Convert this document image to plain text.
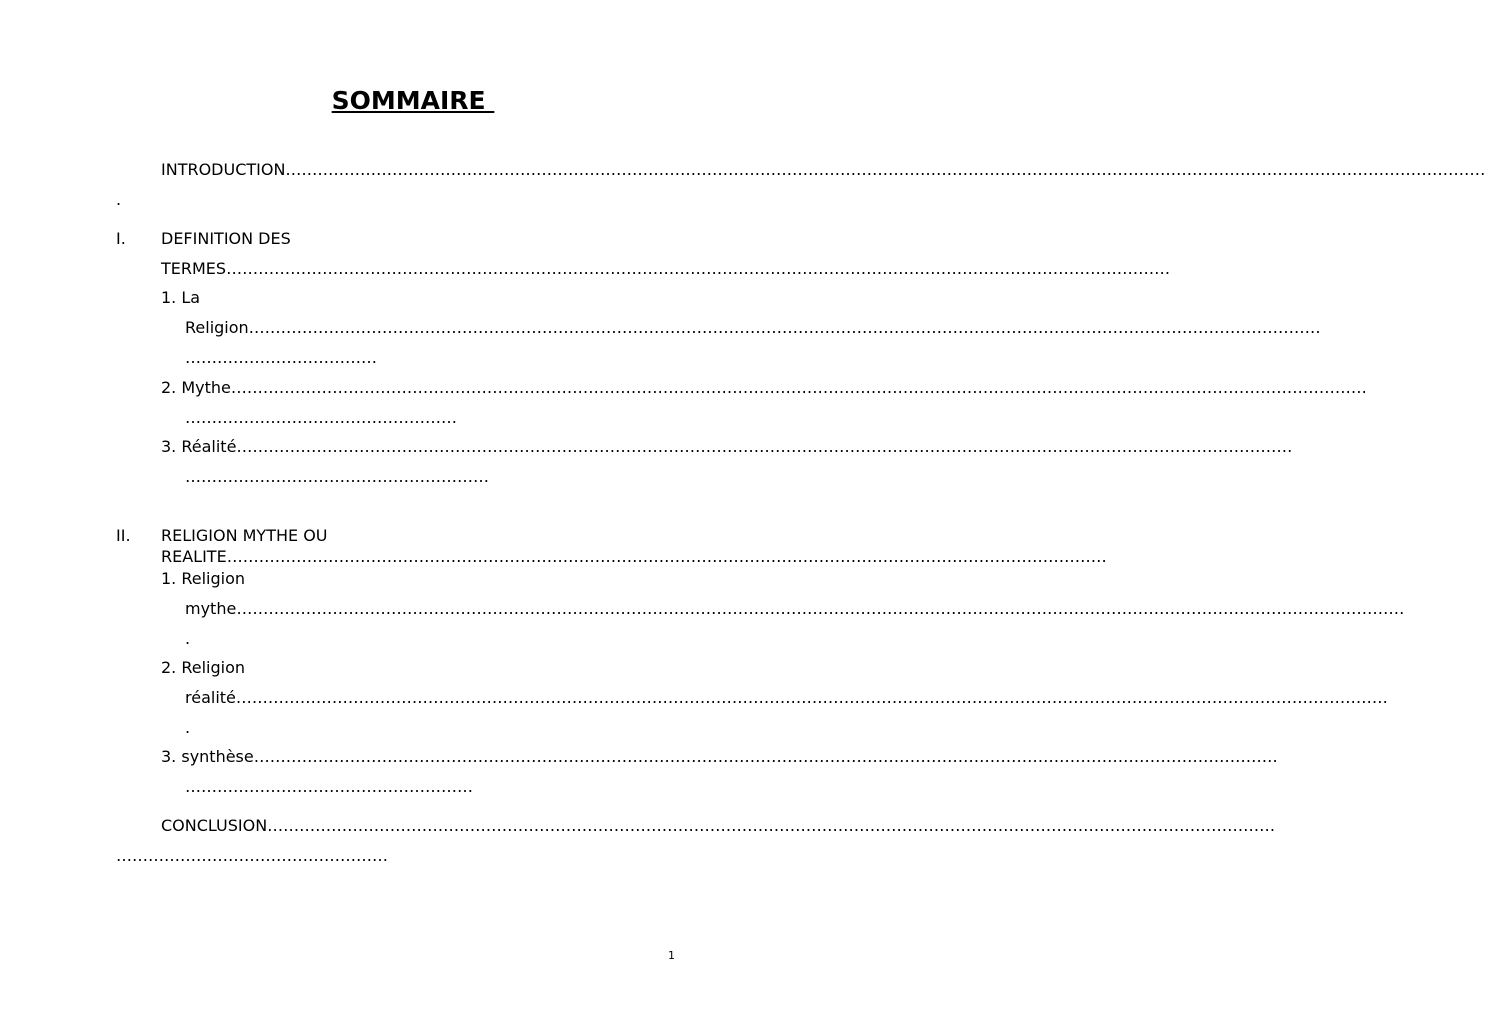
SOMMAIRE
INTRODUCTION………………………………………………………………………………………………………………………………………………………………………………………………………
.
I. DEFINITION DES
TERMES……………………………………………………………………………………………………………………………………………………………
1. La
Religion…………………………………………………………………………………………………………………………………………………………………………………
………………………………
2. Mythe……………………………………………………………………………………………………………………………………………………………………………………………
……………………………………………
3. Réalité………………………………………………………………………………………………………………………………………………………………………………
…………………………………………………
II. RELIGION MYTHE OU
REALITE…………………………………………………………………………………………………………………………………………………
1. Religion
mythe…………………………………………………………………………………………………………………………………………………………………………………………………
.
2. Religion
réalité………………………………………………………………………………………………………………………………………………………………………………………………
.
3. synthèse…………………………………………………………………………………………………………………………………………………………………………
………………………………………………
CONCLUSION………………………………………………………………………………………………………………………………………………………………………
……………………………………………
1
